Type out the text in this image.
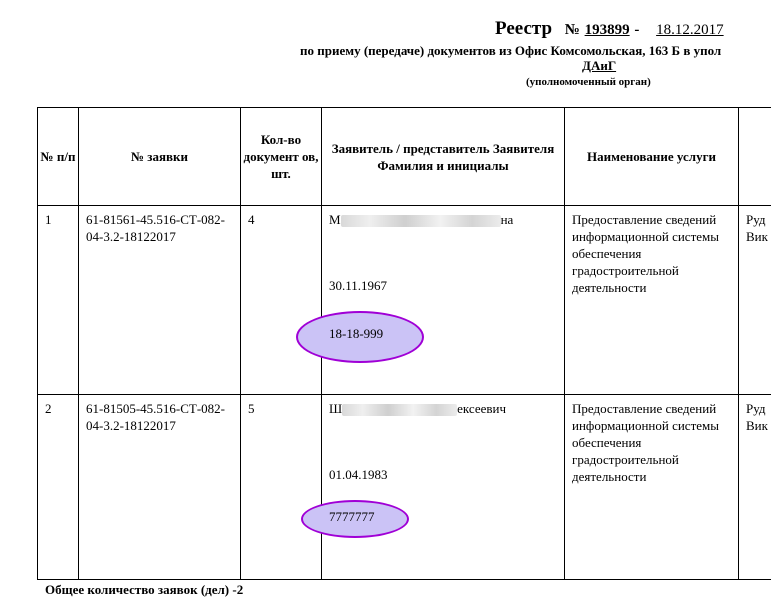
Реестр № 193899 - 18.12.2017
по приему (передаче) документов из Офис Комсомольская, 163 Б в упол
ДАиГ
(уполномоченный орган)
№ п/п	№ заявки	Кол-во документ ов, шт.	Заявитель / представитель Заявителя Фамилия и инициалы	Наименование услуги	

1	61-81561-45.516-СТ-082-04-3.2-18122017	4	М на
30.11.1967
18-18-999	Предоставление сведений информационной системы обеспечения градостроительной деятельности	Руд Вик

2	61-81505-45.516-СТ-082-04-3.2-18122017	5	Ш ексеевич
01.04.1983
7777777	Предоставление сведений информационной системы обеспечения градостроительной деятельности	Руд Вик
Общее количество заявок (дел) -2
